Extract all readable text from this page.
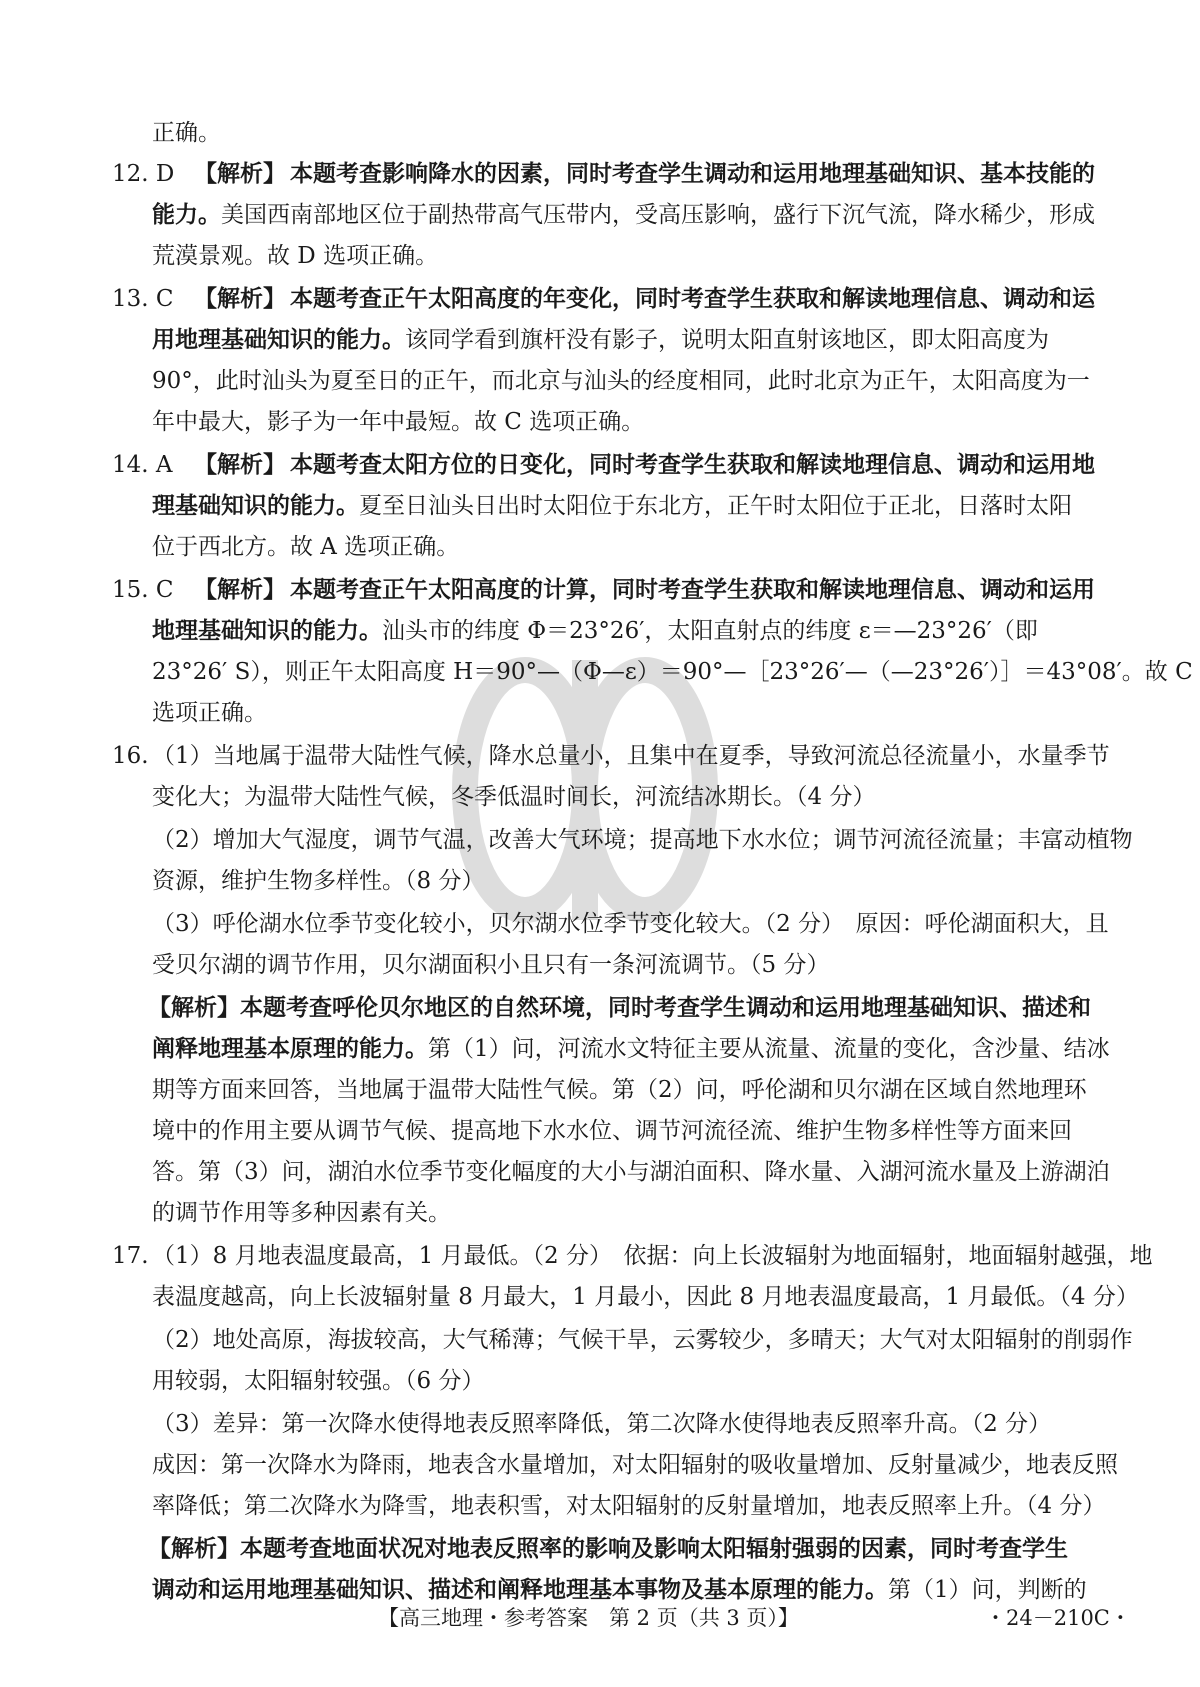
正确。
12. D 【解析】 本题考查影响降水的因素，同时考查学生调动和运用地理基础知识、基本技能的
能力。美国西南部地区位于副热带高气压带内，受高压影响，盛行下沉气流，降水稀少，形成
荒漠景观。故 D 选项正确。
13. C 【解析】 本题考查正午太阳高度的年变化，同时考查学生获取和解读地理信息、调动和运
用地理基础知识的能力。该同学看到旗杆没有影子，说明太阳直射该地区，即太阳高度为
90°，此时汕头为夏至日的正午，而北京与汕头的经度相同，此时北京为正午，太阳高度为一
年中最大，影子为一年中最短。故 C 选项正确。
14. A 【解析】 本题考查太阳方位的日变化，同时考查学生获取和解读地理信息、调动和运用地
理基础知识的能力。夏至日汕头日出时太阳位于东北方，正午时太阳位于正北，日落时太阳
位于西北方。故 A 选项正确。
15. C 【解析】 本题考查正午太阳高度的计算，同时考查学生获取和解读地理信息、调动和运用
地理基础知识的能力。汕头市的纬度 Φ＝23°26′，太阳直射点的纬度 ε＝—23°26′（即
23°26′ S），则正午太阳高度 H＝90°—（Φ—ε）＝90°—［23°26′—（—23°26′）］＝43°08′。故 C
选项正确。
16. （1）当地属于温带大陆性气候，降水总量小，且集中在夏季，导致河流总径流量小，水量季节
变化大；为温带大陆性气候，冬季低温时间长，河流结冰期长。（4 分）
（2）增加大气湿度，调节气温，改善大气环境；提高地下水水位；调节河流径流量；丰富动植物
资源，维护生物多样性。（8 分）
（3）呼伦湖水位季节变化较小，贝尔湖水位季节变化较大。（2 分）　原因：呼伦湖面积大，且
受贝尔湖的调节作用，贝尔湖面积小且只有一条河流调节。（5 分）
【解析】本题考查呼伦贝尔地区的自然环境，同时考查学生调动和运用地理基础知识、描述和
阐释地理基本原理的能力。第（1）问，河流水文特征主要从流量、流量的变化，含沙量、结冰
期等方面来回答，当地属于温带大陆性气候。第（2）问，呼伦湖和贝尔湖在区域自然地理环
境中的作用主要从调节气候、提高地下水水位、调节河流径流、维护生物多样性等方面来回
答。第（3）问，湖泊水位季节变化幅度的大小与湖泊面积、降水量、入湖河流水量及上游湖泊
的调节作用等多种因素有关。
17. （1）8 月地表温度最高，1 月最低。（2 分）　依据：向上长波辐射为地面辐射，地面辐射越强，地
表温度越高，向上长波辐射量 8 月最大，1 月最小，因此 8 月地表温度最高，1 月最低。（4 分）
（2）地处高原，海拔较高，大气稀薄；气候干旱，云雾较少，多晴天；大气对太阳辐射的削弱作
用较弱，太阳辐射较强。（6 分）
（3）差异：第一次降水使得地表反照率降低，第二次降水使得地表反照率升高。（2 分）
成因：第一次降水为降雨，地表含水量增加，对太阳辐射的吸收量增加、反射量减少，地表反照
率降低；第二次降水为降雪，地表积雪，对太阳辐射的反射量增加，地表反照率上升。（4 分）
【解析】本题考查地面状况对地表反照率的影响及影响太阳辐射强弱的因素，同时考查学生
调动和运用地理基础知识、描述和阐释地理基本事物及基本原理的能力。第（1）问，判断的
【高三地理・参考答案　第 2 页（共 3 页）】	・24－210C・
